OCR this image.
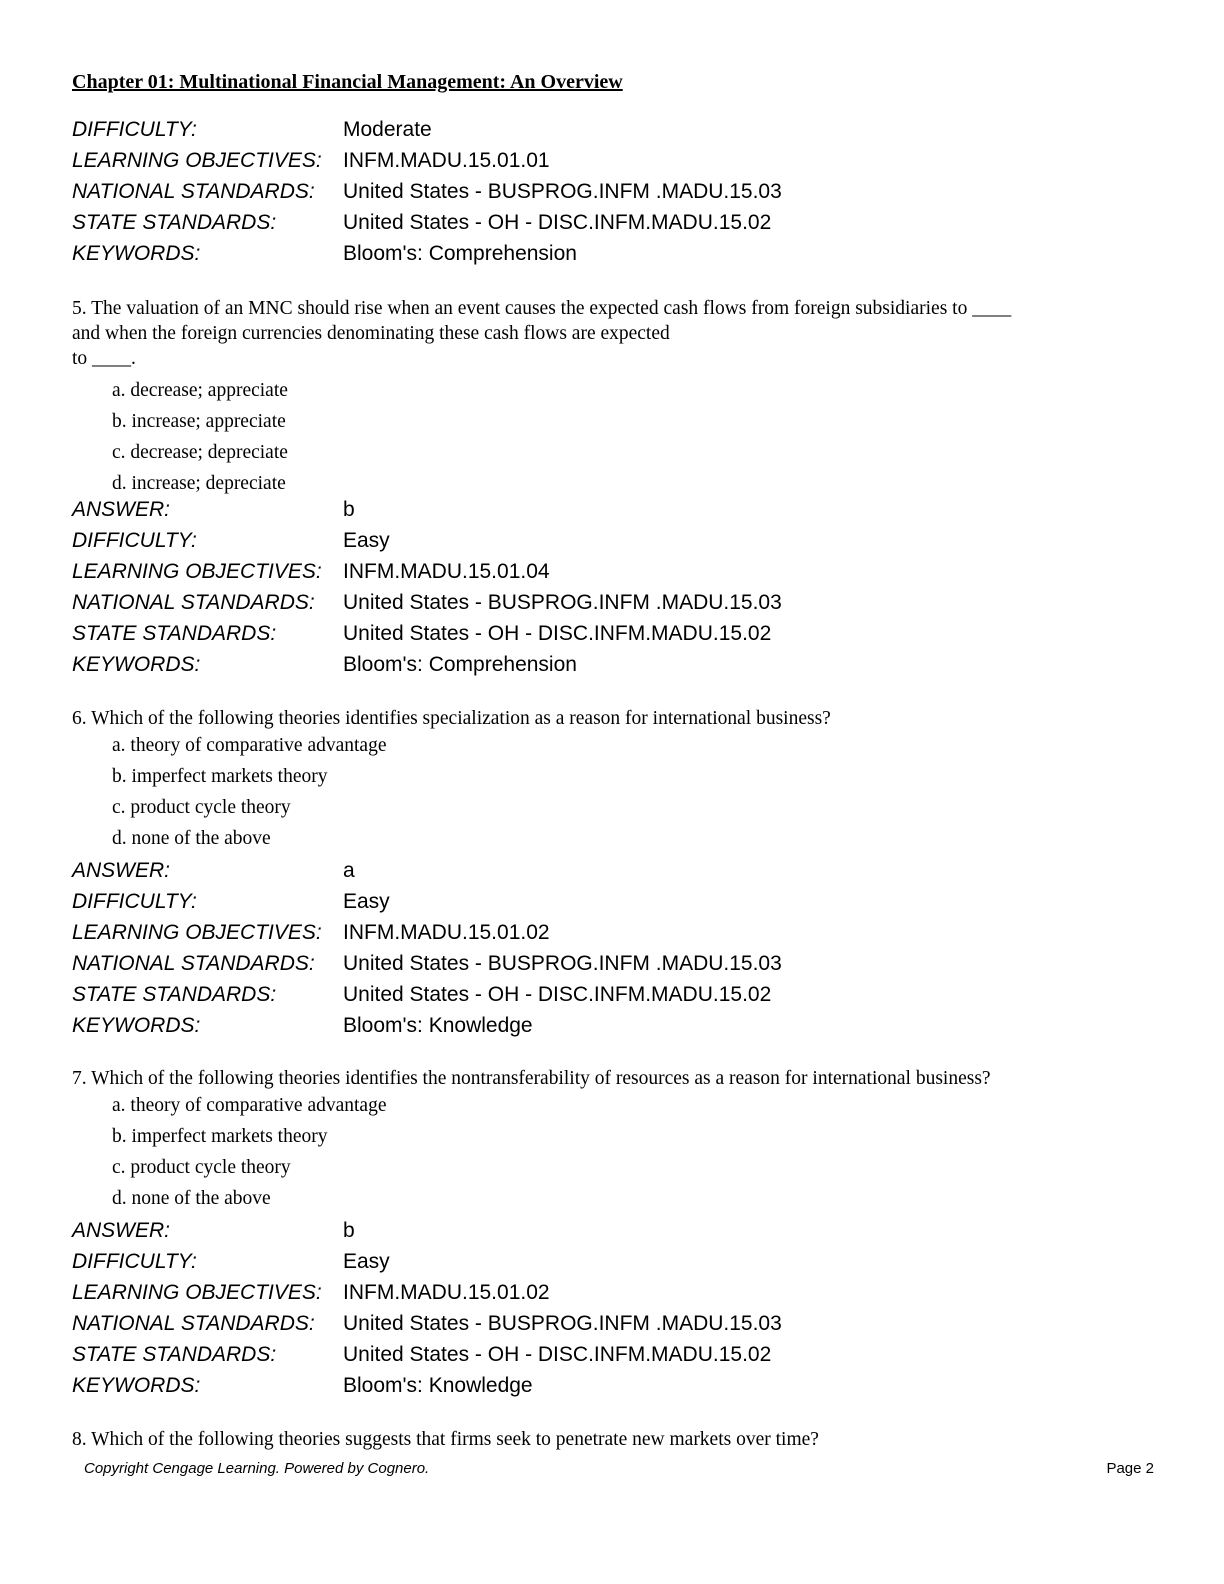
Chapter 01: Multinational Financial Management: An Overview
DIFFICULTY:	Moderate
LEARNING OBJECTIVES:	INFM.MADU.15.01.01
NATIONAL STANDARDS:	United States - BUSPROG.INFM .MADU.15.03
STATE STANDARDS:	United States - OH - DISC.INFM.MADU.15.02
KEYWORDS:	Bloom's: Comprehension
5. The valuation of an MNC should rise when an event causes the expected cash flows from foreign subsidiaries to ____
and when the foreign currencies denominating these cash flows are expected
to ____.
a. decrease; appreciate
b. increase; appreciate
c. decrease; depreciate
d. increase; depreciate
ANSWER:	b
DIFFICULTY:	Easy
LEARNING OBJECTIVES:	INFM.MADU.15.01.04
NATIONAL STANDARDS:	United States - BUSPROG.INFM .MADU.15.03
STATE STANDARDS:	United States - OH - DISC.INFM.MADU.15.02
KEYWORDS:	Bloom's: Comprehension
6. Which of the following theories identifies specialization as a reason for international business?
a. theory of comparative advantage
b. imperfect markets theory
c. product cycle theory
d. none of the above
ANSWER:	a
DIFFICULTY:	Easy
LEARNING OBJECTIVES:	INFM.MADU.15.01.02
NATIONAL STANDARDS:	United States - BUSPROG.INFM .MADU.15.03
STATE STANDARDS:	United States - OH - DISC.INFM.MADU.15.02
KEYWORDS:	Bloom's: Knowledge
7. Which of the following theories identifies the nontransferability of resources as a reason for international business?
a. theory of comparative advantage
b. imperfect markets theory
c. product cycle theory
d. none of the above
ANSWER:	b
DIFFICULTY:	Easy
LEARNING OBJECTIVES:	INFM.MADU.15.01.02
NATIONAL STANDARDS:	United States - BUSPROG.INFM .MADU.15.03
STATE STANDARDS:	United States - OH - DISC.INFM.MADU.15.02
KEYWORDS:	Bloom's: Knowledge
8. Which of the following theories suggests that firms seek to penetrate new markets over time?
Copyright Cengage Learning. Powered by Cognero.	Page 2
